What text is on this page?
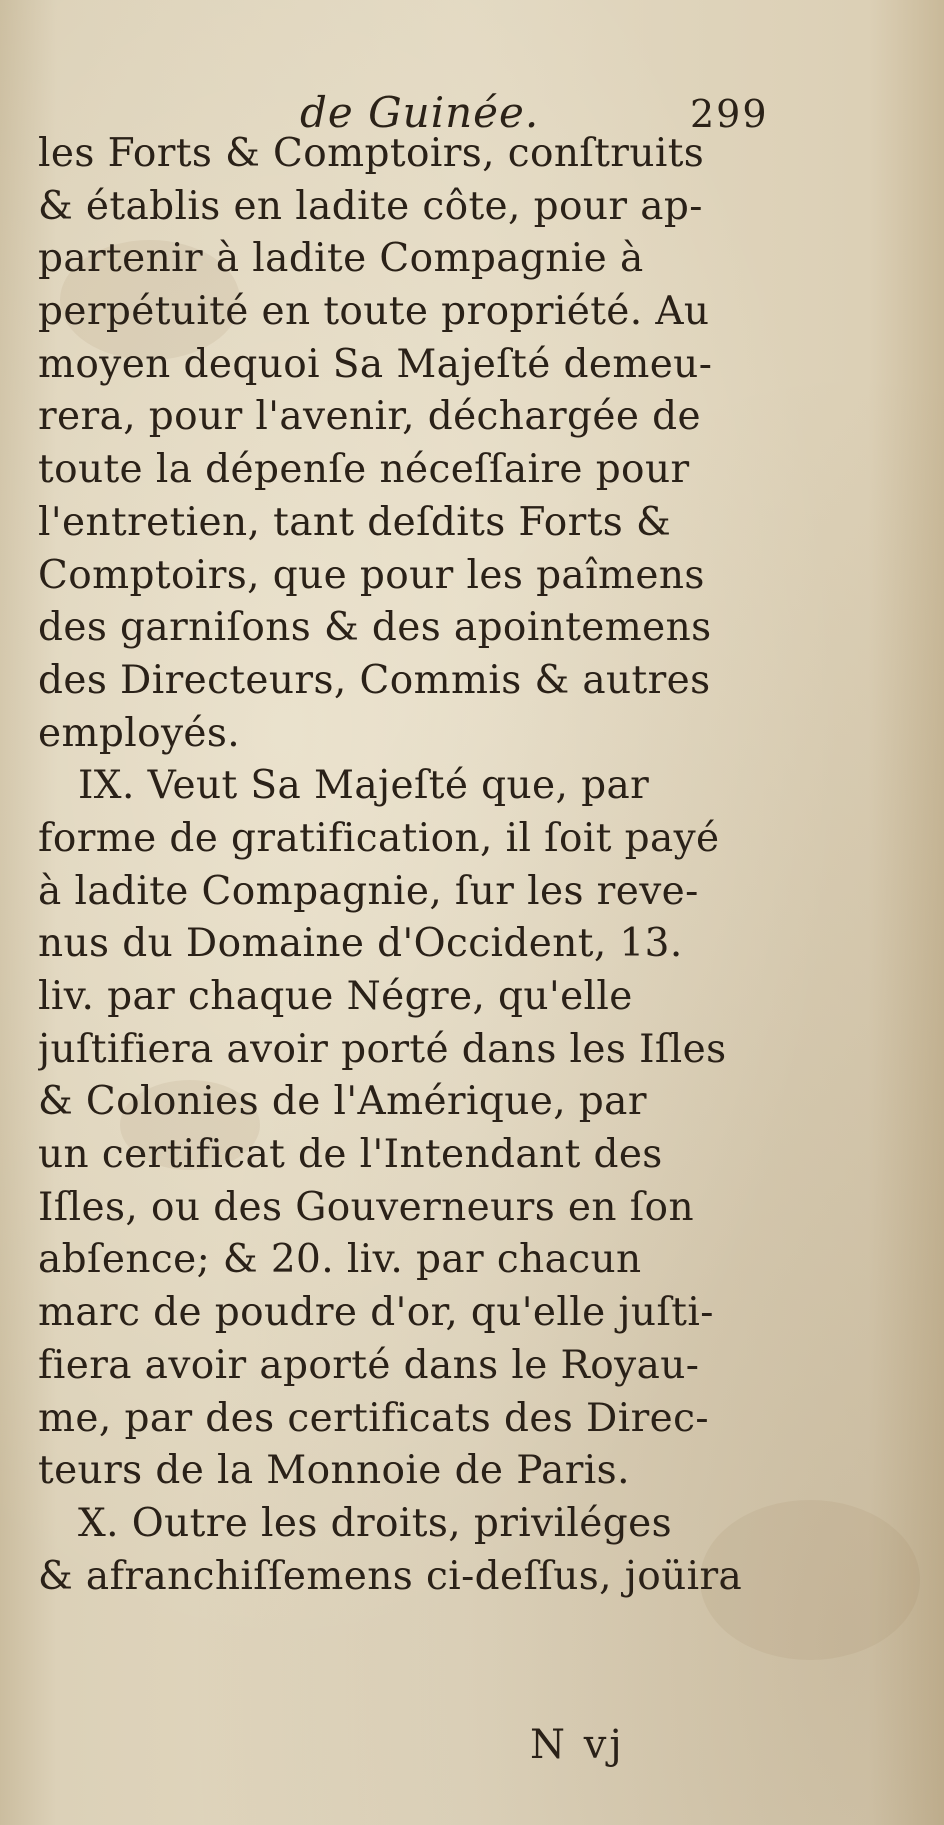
de Guinée.	299
les Forts & Comptoirs, conſtruits
& établis en ladite côte, pour ap-
partenir à ladite Compagnie à
perpétuité en toute propriété. Au
moyen dequoi Sa Majeſté demeu-
rera, pour l'avenir, déchargée de
toute la dépenſe néceſſaire pour
l'entretien, tant deſdits Forts &
Comptoirs, que pour les paîmens
des garniſons & des apointemens
des Directeurs, Commis & autres
employés.
IX. Veut Sa Majeſté que, par
forme de gratification, il ſoit payé
à ladite Compagnie, ſur les reve-
nus du Domaine d'Occident, 13.
liv. par chaque Négre, qu'elle
juſtifiera avoir porté dans les Iſles
& Colonies de l'Amérique, par
un certificat de l'Intendant des
Iſles, ou des Gouverneurs en ſon
abſence; & 20. liv. par chacun
marc de poudre d'or, qu'elle juſti-
fiera avoir aporté dans le Royau-
me, par des certificats des Direc-
teurs de la Monnoie de Paris.
X. Outre les droits, priviléges
& afranchiſſemens ci-deſſus, joüira
N vj
